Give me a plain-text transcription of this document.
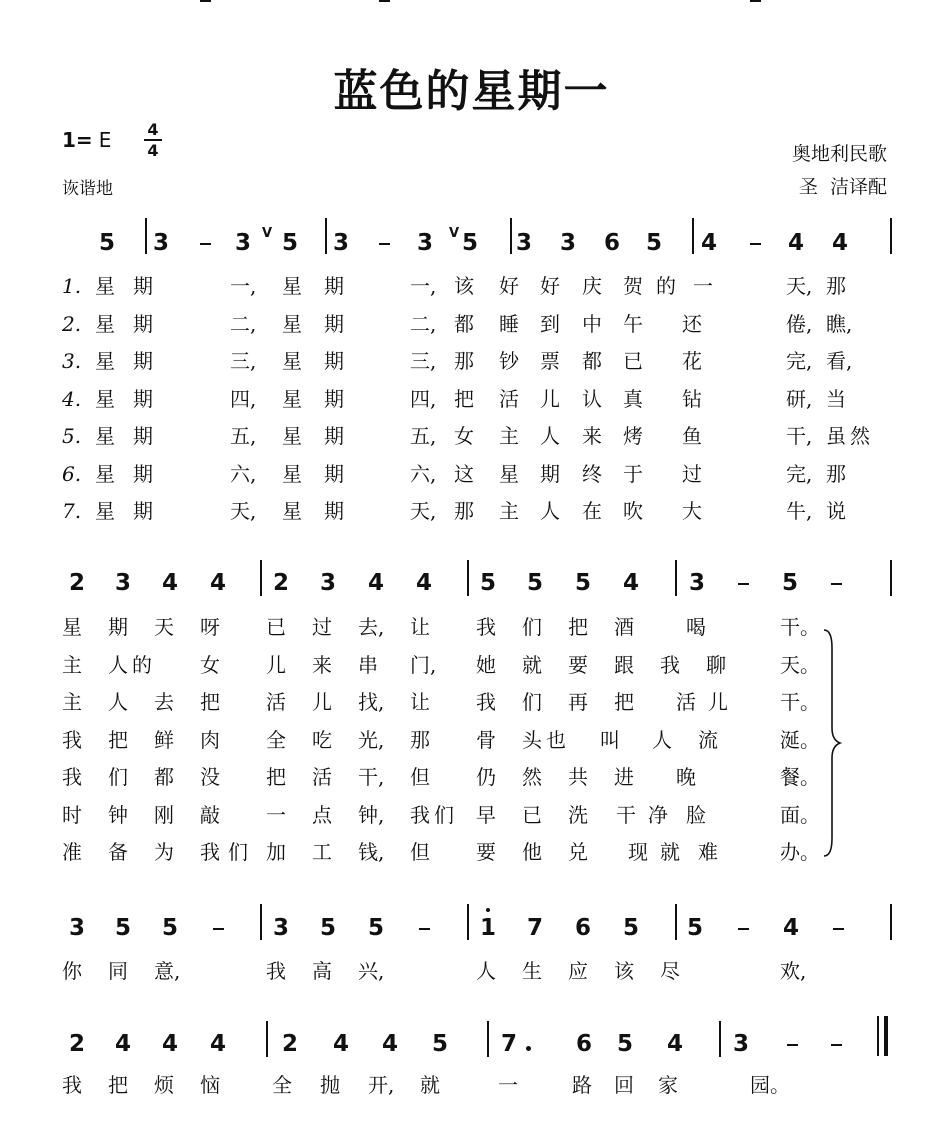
蓝色的星期一
1= E 4
4
诙谐地
奥地利民歌
圣  洁译配
5	3	3	5	3	3	5	3	3	6	5	4	4	4
V	V
1. 星 期	一, 星 期	一, 该 好 好 庆 贺 的 一	天, 那
2. 星 期	二, 星 期	二, 都 睡 到 中 午 还	倦, 瞧,
3. 星 期	三, 星 期	三, 那 钞 票 都 已 花	完, 看,
4. 星 期	四, 星 期	四, 把 活 儿 认 真 钻	研, 当
5. 星 期	五, 星 期	五, 女 主 人 来 烤 鱼	干, 虽 然
6. 星 期	六, 星 期	六, 这 星 期 终 于 过	完, 那
7. 星 期	天, 星 期	天, 那 主 人 在 吹 大	牛, 说
2	3	4	4	2	3	4	4	5	5	5	4	3	5
星 期 天 呀 已 过 去, 让 我 们 把 酒	喝	干。
主 人 的 女 儿 来 串 门, 她 就 要 跟 我 聊	天。
主 人 去 把 活 儿 找, 让 我 们 再 把 活 儿	干。
我 把 鲜 肉 全 吃 光, 那 骨 头 也 叫 人 流	涎。
我 们 都 没 把 活 干, 但 仍 然 共 进 晚	餐。
时 钟 刚 敲 一 点 钟, 我 们 早 已 洗 干 净 脸	面。
准 备 为 我 们 加 工 钱, 但 要 他 兑 现 就 难	办。
3	5	5	3	5	5	1	7	6	5	5	4
你 同 意,	我 高 兴,	人 生 应 该 尽	欢,
2	4	4	4	2	4	4	5	7	6	5	4	3
我 把 烦 恼	全 抛 开, 就	一	路 回 家	园。
